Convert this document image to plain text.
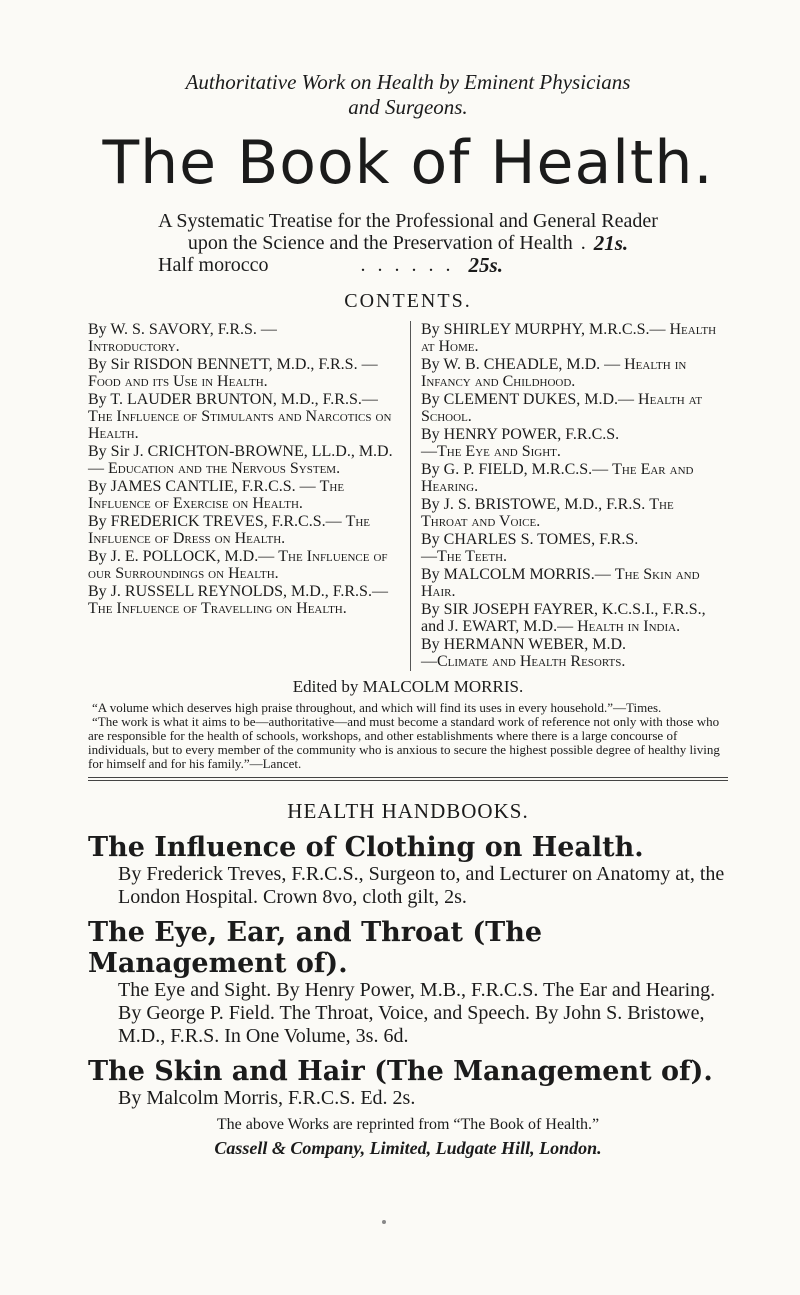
Authoritative Work on Health by Eminent Physicians
and Surgeons.
The Book of Health.
A Systematic Treatise for the Professional and General Reader
upon the Science and the Preservation of Health . 21s.
Half morocco	...... 25s.
CONTENTS.
By W. S. SAVORY, F.R.S. —
Introductory.
By Sir RISDON BENNETT, M.D., F.R.S. — Food and its Use in Health.
By T. LAUDER BRUNTON, M.D., F.R.S.— The Influence of Stimulants and Narcotics on Health.
By Sir J. CRICHTON-BROWNE, LL.D., M.D.— Education and the Nervous System.
By JAMES CANTLIE, F.R.C.S. — The Influence of Exercise on Health.
By FREDERICK TREVES, F.R.C.S.— The Influence of Dress on Health.
By J. E. POLLOCK, M.D.— The Influence of our Surroundings on Health.
By J. RUSSELL REYNOLDS, M.D., F.R.S.— The Influence of Travelling on Health.
By SHIRLEY MURPHY, M.R.C.S.— Health at Home.
By W. B. CHEADLE, M.D. — Health in Infancy and Childhood.
By CLEMENT DUKES, M.D.— Health at School.
By HENRY POWER, F.R.C.S.
—The Eye and Sight.
By G. P. FIELD, M.R.C.S.— The Ear and Hearing.
By J. S. BRISTOWE, M.D., F.R.S. The Throat and Voice.
By CHARLES S. TOMES, F.R.S.
—The Teeth.
By MALCOLM MORRIS.— The Skin and Hair.
By SIR JOSEPH FAYRER, K.C.S.I., F.R.S., and J. EWART, M.D.— Health in India.
By HERMANN WEBER, M.D.
—Climate and Health Resorts.
Edited by MALCOLM MORRIS.

“A volume which deserves high praise throughout, and which will find its uses in every household.”—Times.

“The work is what it aims to be—authoritative—and must become a standard work of reference not only with those who are responsible for the health of schools, workshops, and other establishments where there is a large concourse of individuals, but to every member of the community who is anxious to secure the highest possible degree of healthy living for himself and for his family.”—Lancet.

HEALTH HANDBOOKS.
The Influence of Clothing on Health.
By Frederick Treves, F.R.C.S., Surgeon to, and Lecturer on Anatomy at, the London Hospital. Crown 8vo, cloth gilt, 2s.
The Eye, Ear, and Throat (The Management of).
The Eye and Sight. By Henry Power, M.B., F.R.C.S. The Ear and Hearing. By George P. Field. The Throat, Voice, and Speech. By John S. Bristowe, M.D., F.R.S. In One Volume, 3s. 6d.
The Skin and Hair (The Management of).
By Malcolm Morris, F.R.C.S. Ed. 2s.
The above Works are reprinted from “The Book of Health.”
Cassell & Company, Limited, Ludgate Hill, London.
